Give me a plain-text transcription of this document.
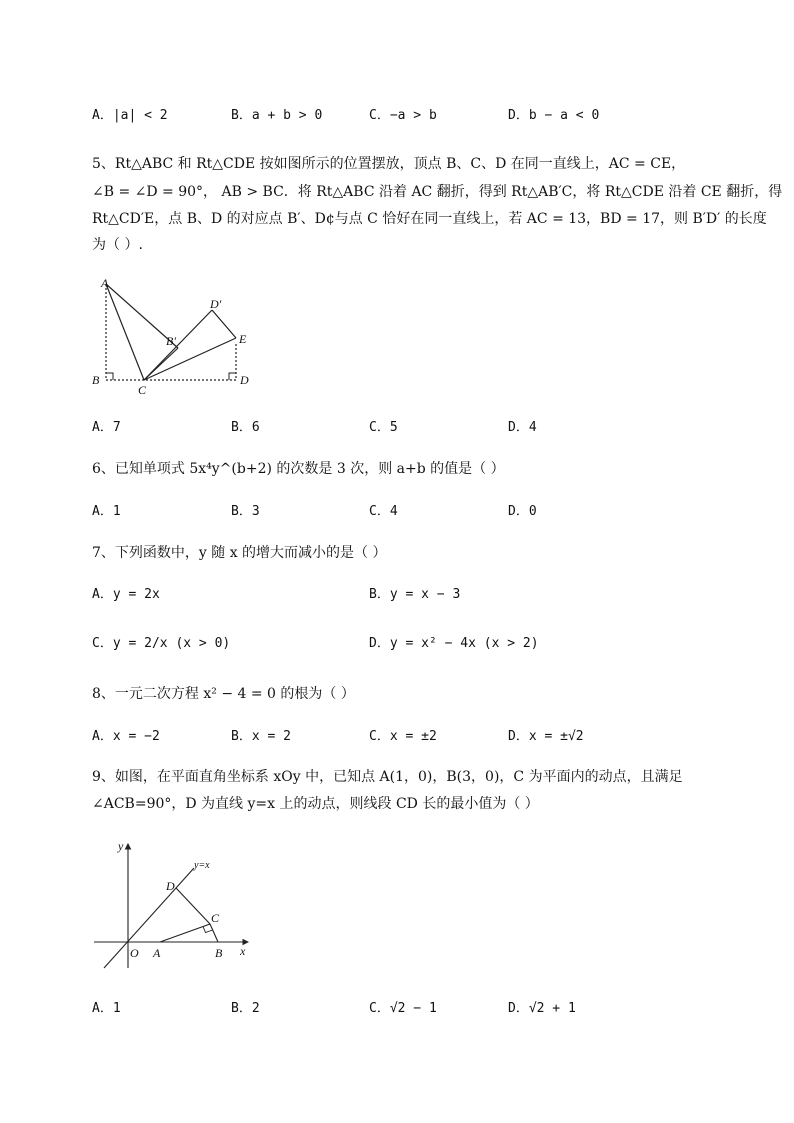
A．|a| < 2	B．a + b > 0	C．−a > b	D．b − a < 0
5、Rt△ABC 和 Rt△CDE 按如图所示的位置摆放，顶点 B、C、D 在同一直线上，AC = CE，
∠B = ∠D = 90°， AB > BC．将 Rt△ABC 沿着 AC 翻折，得到 Rt△AB′C，将 Rt△CDE 沿着 CE 翻折，得
Rt△CD′E，点 B、D 的对应点 B′、D¢与点 C 恰好在同一直线上，若 AC = 13，BD = 17，则 B′D′ 的长度
为（ ）.
A
B
C
D
E
B′
D′
A．7	B．6	C．5	D．4
6、已知单项式 5x⁴y^(b+2) 的次数是 3 次，则 a+b 的值是（ ）
A．1	B．3	C．4	D．0
7、下列函数中，y 随 x 的增大而减小的是（ ）
A．y = 2x	B．y = x − 3
C．y = 2/x (x > 0)	D．y = x² − 4x (x > 2)
8、一元二次方程 x² − 4 = 0 的根为（ ）
A．x = −2	B．x = 2	C．x = ±2	D．x = ±√2
9、如图，在平面直角坐标系 xOy 中，已知点 A(1，0)，B(3，0)，C 为平面内的动点，且满足
∠ACB=90°，D 为直线 y=x 上的动点，则线段 CD 长的最小值为（ ）
y
x
y=x
O A	B
C
D
A．1	B．2	C．√2 − 1	D．√2 + 1
